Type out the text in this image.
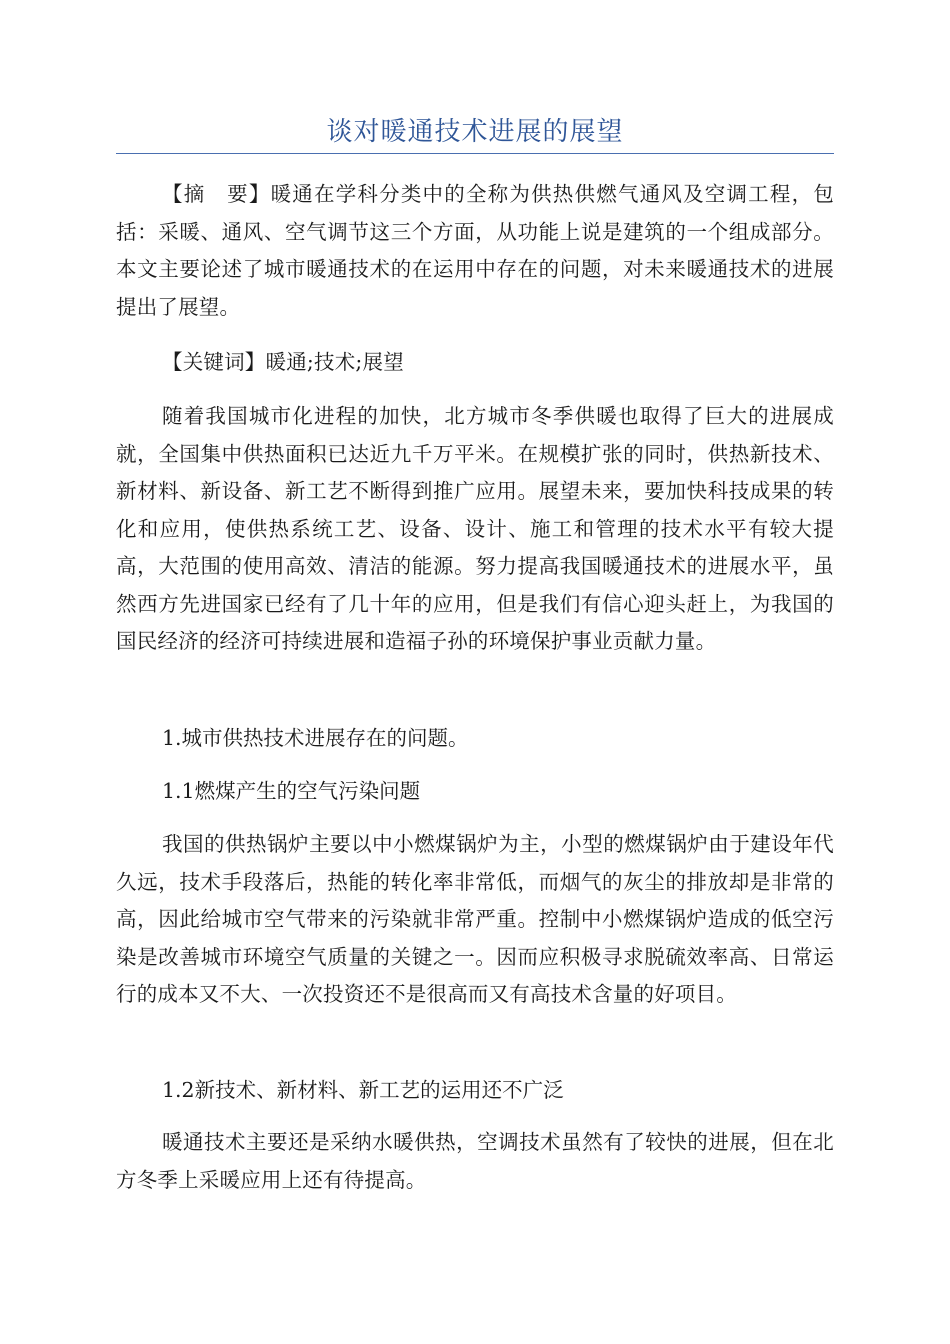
谈对暖通技术进展的展望

【摘　要】暖通在学科分类中的全称为供热供燃气通风及空调工程，包括：采暖、通风、空气调节这三个方面，从功能上说是建筑的一个组成部分。本文主要论述了城市暖通技术的在运用中存在的问题，对未来暖通技术的进展提出了展望。

【关键词】暖通;技术;展望

随着我国城市化进程的加快，北方城市冬季供暖也取得了巨大的进展成就，全国集中供热面积已达近九千万平米。在规模扩张的同时，供热新技术、新材料、新设备、新工艺不断得到推广应用。展望未来，要加快科技成果的转化和应用，使供热系统工艺、设备、设计、施工和管理的技术水平有较大提高，大范围的使用高效、清洁的能源。努力提高我国暖通技术的进展水平，虽然西方先进国家已经有了几十年的应用，但是我们有信心迎头赶上，为我国的国民经济的经济可持续进展和造福子孙的环境保护事业贡献力量。

1.城市供热技术进展存在的问题。

1.1燃煤产生的空气污染问题

我国的供热锅炉主要以中小燃煤锅炉为主，小型的燃煤锅炉由于建设年代久远，技术手段落后，热能的转化率非常低，而烟气的灰尘的排放却是非常的高，因此给城市空气带来的污染就非常严重。控制中小燃煤锅炉造成的低空污染是改善城市环境空气质量的关键之一。因而应积极寻求脱硫效率高、日常运行的成本又不大、一次投资还不是很高而又有高技术含量的好项目。

1.2新技术、新材料、新工艺的运用还不广泛

暖通技术主要还是采纳水暖供热，空调技术虽然有了较快的进展，但在北方冬季上采暖应用上还有待提高。
